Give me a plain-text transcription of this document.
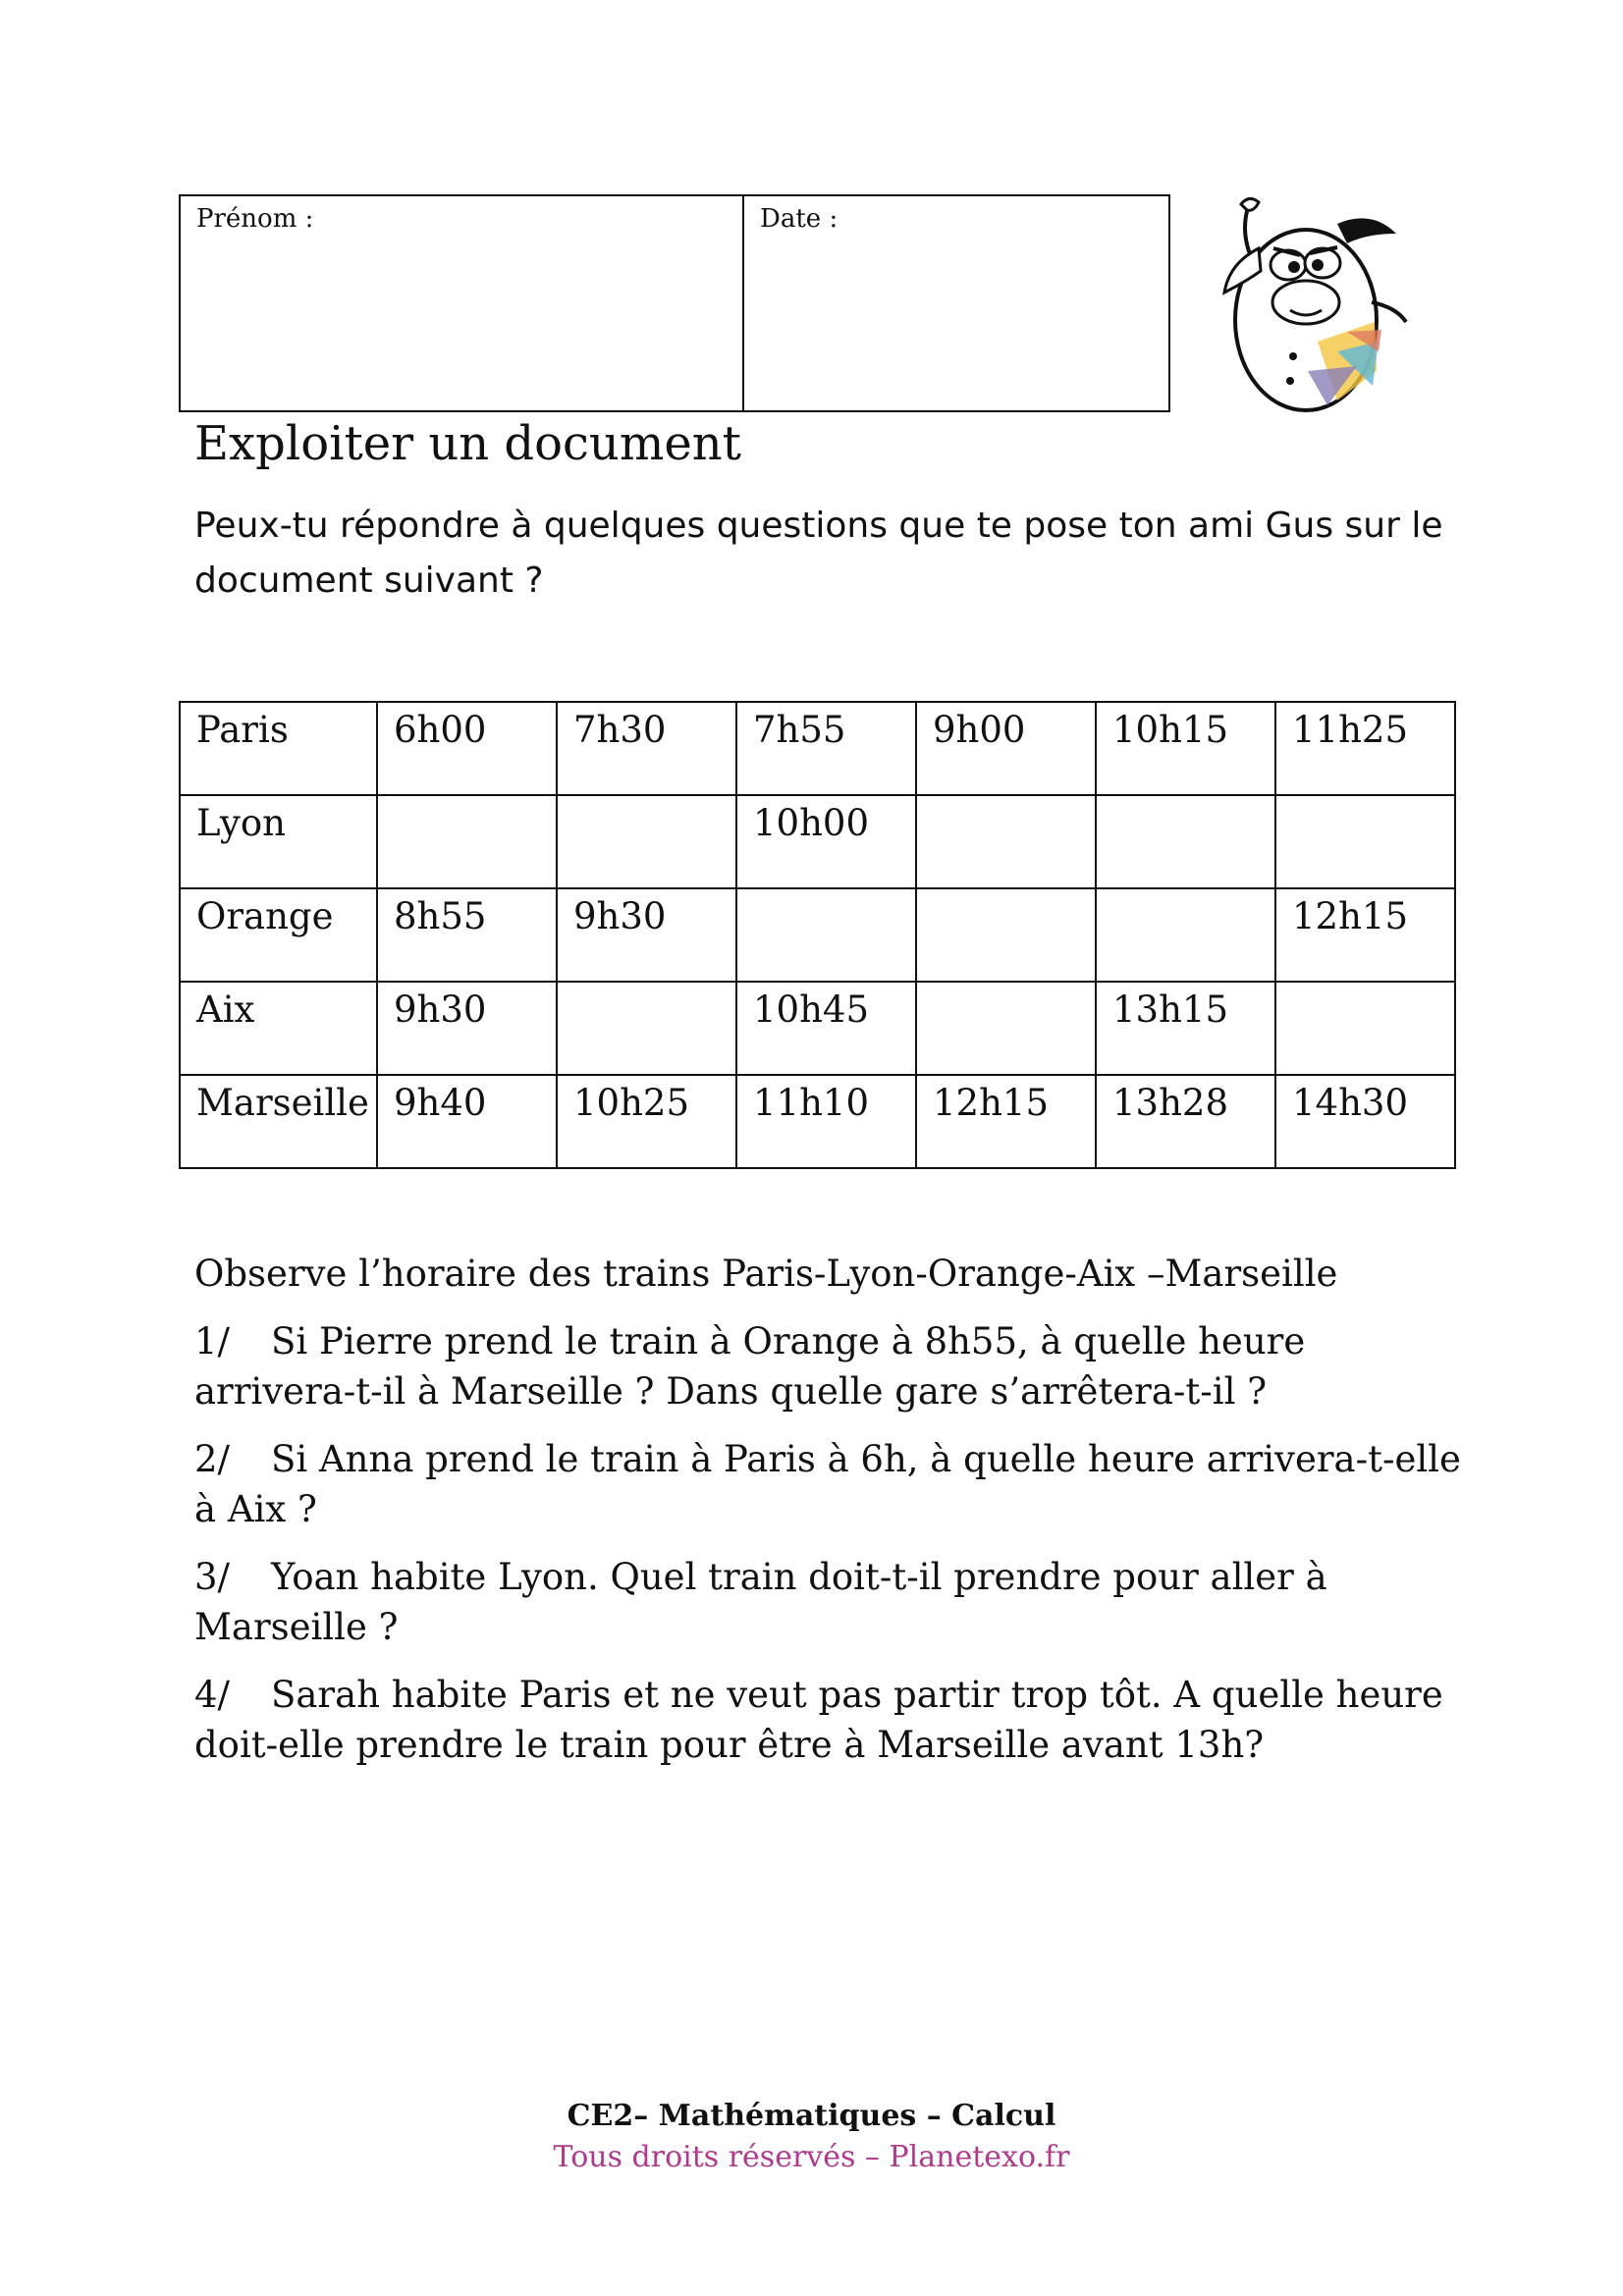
Prénom :	Date :
Exploiter un document

Peux-tu répondre à quelques questions que te pose ton ami Gus sur le document suivant ?

Paris	6h00	7h30	7h55	9h00	10h15	11h25
Lyon			10h00			
Orange	8h55	9h30				12h15
Aix	9h30		10h45		13h15	
Marseille	9h40	10h25	11h10	12h15	13h28	14h30

Observe l’horaire des trains Paris-Lyon-Orange-Aix –Marseille

1/ Si Pierre prend le train à Orange à 8h55, à quelle heure arrivera-t-il à Marseille ? Dans quelle gare s’arrêtera-t-il ?

2/ Si Anna prend le train à Paris à 6h, à quelle heure arrivera-t-elle à Aix ?

3/ Yoan habite Lyon. Quel train doit-t-il prendre pour aller à Marseille ?

4/ Sarah habite Paris et ne veut pas partir trop tôt. A quelle heure doit-elle prendre le train pour être à Marseille avant 13h?

CE2– Mathématiques – Calcul
Tous droits réservés – Planetexo.fr
